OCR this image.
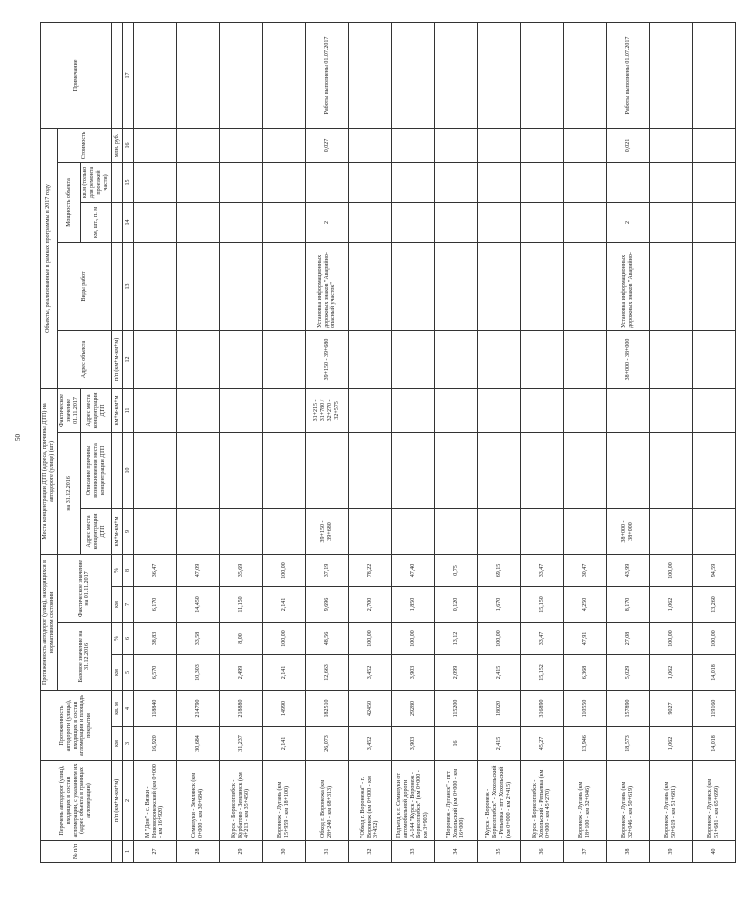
50
№ п/п	Перечень автодорог (улиц), входящих в состав агломерации, с указанием их (адрес объекта в границах агломерации)	Протяженность автодороги (улицы), входящих в состав агломерации и площадь покрытия		Протяженность автодорог (улиц), находящихся в нормативном состоянии				Места концентрации ДТП (адреса, причины ДТП) на автодороге (улице) (шт)			Объекты, реализованные в рамках программы в 2017 году					Примечание
				Базовое значение на 31.12.2016		Фактическое значение на 01.11.2017		на 31.12.2016		Фактическое значение 01.11.2017	Адрес объекта	Виды работ	Мощность объекта		Стоимость	
								Адрес места концентрации ДТП	Описание причины возникновения места концентрации ДТП	Адрес места концентрации ДТП			км, шт., п. м	кв.м (только для ремонта проезжей части)		
	п/п (км+м-км+м)	км	кв. м	км	%	км	%	км+м-км+м		км+м-км+м	п/п (км+м-км+м)				млн. руб.	
1	2	3	4	5	6	7	8	9	10	11	12	13	14	15	16	17
27	М "Дон" - с. Вязки - Нововоронежский (км 0+000 - км 16+920)	16,920	118840	6,570	38,83	6,170	36,47									
28	Семилуки - Землянск (км 0+000 - км 30+684)	30,684	214790	10,303	33,58	14,450	47,09									
29	Курск - Борисоглебск - Курбатово - Землянск (км 4+213 - км 35+450)	31,237	218880	2,499	8,00	11,150	35,69									
30	Воронеж - Лугань (км 15+959 - км 18+100)	2,141	14990	2,141	100,00	2,141	100,00									
31	Обход г. Воронежа (км 28+240 - км 68+313)	26,073	182510	12,663	48,56	9,696	37,19	39+150 - 39+680		31+215 - 31+780 / 32+270 - 32+575	39+150 - 39+680	Установка информационных дорожных знаков "Аварийно-опасный участок"	2		0,027	Работы выполнены 01.07.2017
32	"Обход г. Воронежа" - г. Воронеж (км 0+000 - км 3+452)	3,452	42450	3,452	100,00	2,700	78,22									
33	Подъезд к г. Семилуки от автомобильной дороги А-144 "Курск - Воронеж - Борисоглебск" (км 0+000 - км 3+903)	3,903	29280	3,903	100,00	1,850	47,40									
34	"Воронеж - Луганск" - пгт Хохольский (км 0+000 - км 16+000)	16	115200	2,099	13,12	0,120	0,75									
35	"Курск - Воронеж - Борисоглебск" - Хохольский - Репьевка - пгт Хохольский (км 0+000 - км 2+415)	2,415	18020	2,415	100,00	1,670	69,15									
36	Курск - Борисоглебск - Хохольский - Репьевка (км 0+000 - км 45+270)	45,27	316890	15,152	33,47	15,150	33,47									
37	Воронеж - Лугань (км 18+100 - км 32+046)	13,946	110550	6,368	47,91	4,250	30,47									
38	Воронеж - Лугань (км 32+046 - км 50+619)	18,573	157890	5,029	27,08	8,170	43,99	38+000 - 38+000			38+000 - 38+000	Установка информационных дорожных знаков "Аварийно-	2		0,021	Работы выполнены 01.07.2017
39	Воронеж - Лугань (км 50+619 - км 51+681)	1,062	9027	1,062	100,00	1,062	100,00									
40	Воронеж - Луганск (км 51+681 - км 65+699)	14,018	119160	14,018	100,00	13,260	94,59									
